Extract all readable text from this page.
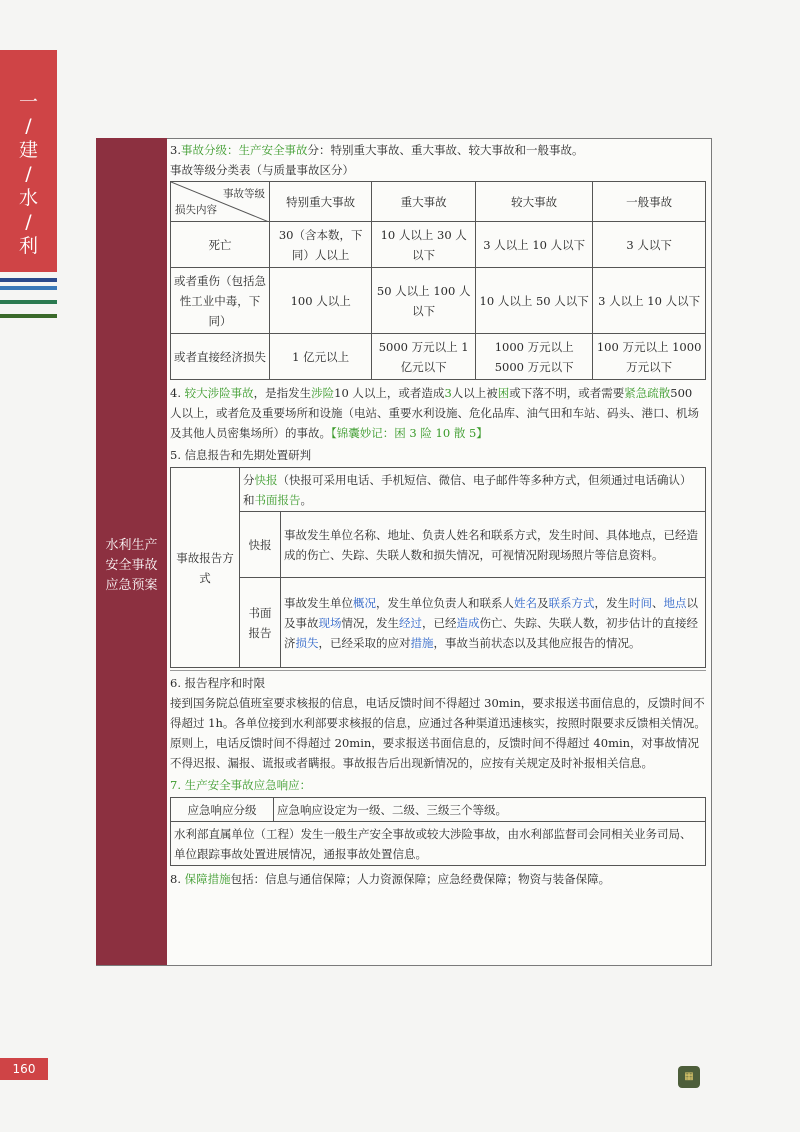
一
/
建
/
水
/
利
水利生产
安全事故
应急预案

3.事故分级：生产安全事故分：特别重大事故、重大事故、较大事故和一般事故。

事故等级分类表（与质量事故区分）

事故等级
损失内容	特别重大事故	重大事故	较大事故	一般事故
死亡	30（含本数，下同）人以上	10 人以上 30 人以下	3 人以上 10 人以下	3 人以下
或者重伤（包括急性工业中毒，下同）	100 人以上	50 人以上 100 人以下	10 人以上 50 人以下	3 人以上 10 人以下
或者直接经济损失	1 亿元以上	5000 万元以上 1 亿元以下	1000 万元以上 5000 万元以下	100 万元以上 1000 万元以下

4. 较大涉险事故，是指发生涉险10 人以上，或者造成3人以上被困或下落不明，或者需要紧急疏散500 人以上，或者危及重要场所和设施（电站、重要水利设施、危化品库、油气田和车站、码头、港口、机场及其他人员密集场所）的事故。【锦囊妙记：困 3 险 10 散 5】

5. 信息报告和先期处置研判

事故报告方式	分快报（快报可采用电话、手机短信、微信、电子邮件等多种方式，但须通过电话确认）和书面报告。	
	快报	事故发生单位名称、地址、负责人姓名和联系方式，发生时间、具体地点，已经造成的伤亡、失踪、失联人数和损失情况，可视情况附现场照片等信息资料。
	书面报告	事故发生单位概况，发生单位负责人和联系人姓名及联系方式，发生时间、地点以及事故现场情况，发生经过，已经造成伤亡、失踪、失联人数，初步估计的直接经济损失，已经采取的应对措施，事故当前状态以及其他应报告的情况。

6. 报告程序和时限

接到国务院总值班室要求核报的信息，电话反馈时间不得超过 30min，要求报送书面信息的，反馈时间不得超过 1h。各单位接到水利部要求核报的信息，应通过各种渠道迅速核实，按照时限要求反馈相关情况。原则上，电话反馈时间不得超过 20min，要求报送书面信息的，反馈时间不得超过 40min，对事故情况不得迟报、漏报、谎报或者瞒报。事故报告后出现新情况的，应按有关规定及时补报相关信息。

7. 生产安全事故应急响应：

应急响应分级	应急响应设定为一级、二级、三级三个等级。
水利部直属单位（工程）发生一般生产安全事故或较大涉险事故，由水利部监督司会同相关业务司局、单位跟踪事故处置进展情况，通报事故处置信息。

8. 保障措施包括：信息与通信保障；人力资源保障；应急经费保障；物资与装备保障。

160
▦
